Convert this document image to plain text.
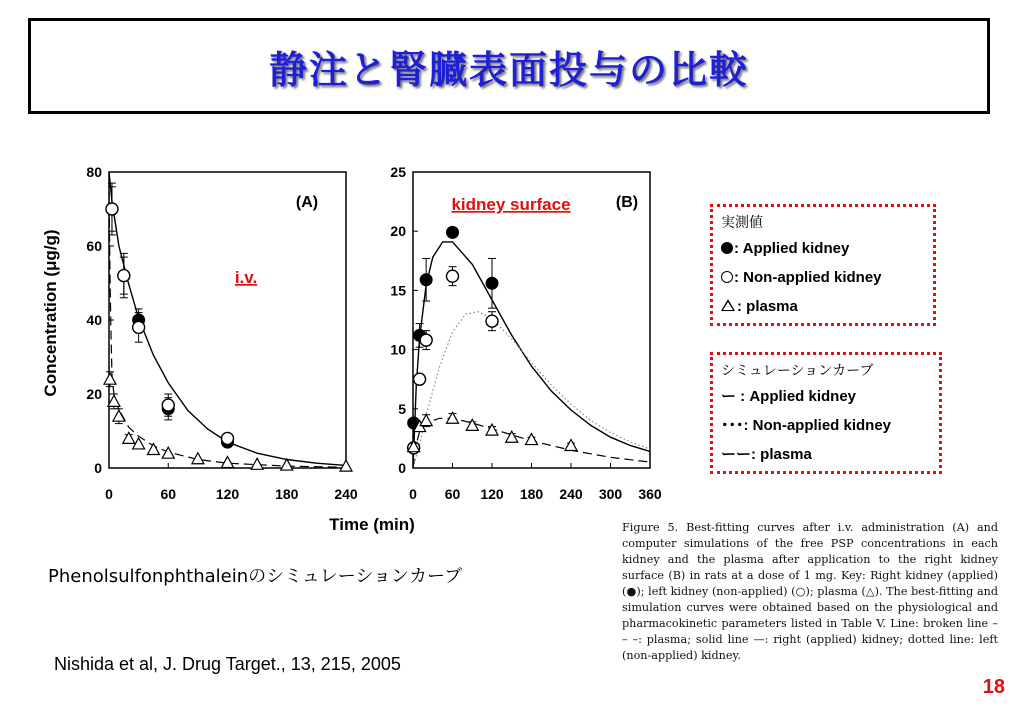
静注と腎臓表面投与の比較
Concentration (μg/g)
Time (min)
(A)
i.v.
(B)
kidney surface
0
20
40
60
80
0	60	120	180	240
0
5
10
15
20
25
0 60 120 180 240 300 360
実測値
: Applied kidney
: Non-applied kidney
: plasma
シミュレーションカーブ
ー : Applied kidney
･･･: Non-applied kidney
ーー: plasma
Figure 5. Best-fitting curves after i.v. administration (A) and computer simulations of the free PSP concentrations in each kidney and the plasma after application to the right kidney surface (B) in rats at a dose of 1 mg. Key: Right kidney (applied) (●); left kidney (non-applied) (○); plasma (△). The best-fitting and simulation curves were obtained based on the physiological and pharmacokinetic parameters listed in Table V. Line: broken line – – –: plasma; solid line —: right (applied) kidney; dotted line: left (non-applied) kidney.
Phenolsulfonphthaleinのシミュレーションカーブ
Nishida et al, J. Drug Target., 13, 215, 2005
18
